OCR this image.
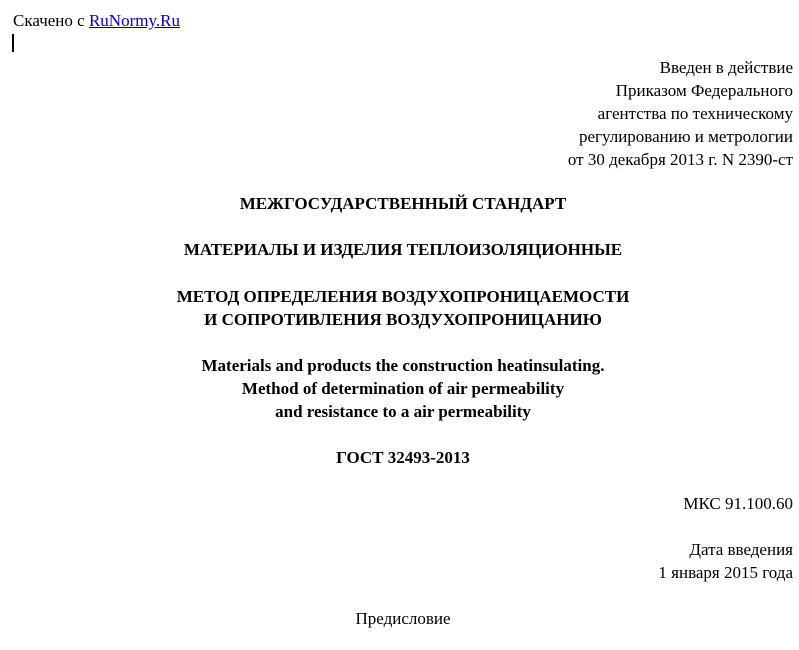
Скачено с RuNormy.Ru
Введен в действие
Приказом Федерального
агентства по техническому
регулированию и метрологии
от 30 декабря 2013 г. N 2390-ст
МЕЖГОСУДАРСТВЕННЫЙ СТАНДАРТ
МАТЕРИАЛЫ И ИЗДЕЛИЯ ТЕПЛОИЗОЛЯЦИОННЫЕ
МЕТОД ОПРЕДЕЛЕНИЯ ВОЗДУХОПРОНИЦАЕМОСТИ
И СОПРОТИВЛЕНИЯ ВОЗДУХОПРОНИЦАНИЮ
Materials and products the construction heatinsulating.
Method of determination of air permeability
and resistance to a air permeability
ГОСТ 32493-2013
МКС 91.100.60
Дата введения
1 января 2015 года
Предисловие
